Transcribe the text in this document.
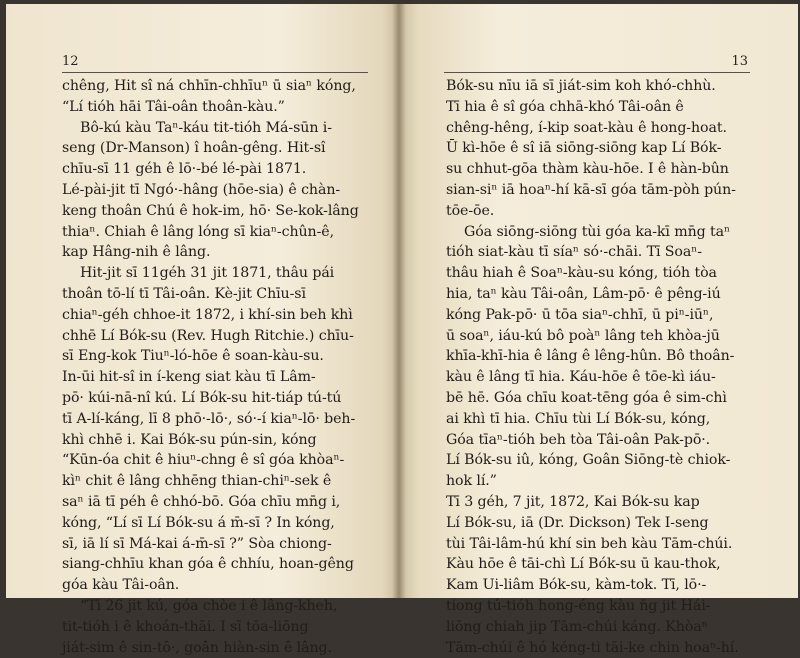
12
chêng, Hit sî ná chhīn-chhīuⁿ ū siaⁿ kóng,
“Lí tióh hāi Tâi-oân thoân-kàu.”
Bô-kú kàu Taⁿ-káu tit-tióh Má-sūn i-
seng (Dr-Manson) î hoân-gêng. Hit-sî
chīu-sī 11 géh ê lō·-bé lé-pài 1871.
Lé-pài-jit tī Ngó·-hâng (hōe-sia) ê chàn-
keng thoân Chú ê hok-im, hō· Se-kok-lâng
thiaⁿ. Chiah ê lâng lóng sī kiaⁿ-chûn-ê,
kap Hâng-nih ê lâng.
Hit-jit sī 11géh 31 jit 1871, thâu pái
thoân tō-lí tī Tâi-oân. Kè-jit Chīu-sī
chiaⁿ-géh chhoe-it 1872, i khí-sin beh khì
chhē Lí Bók-su (Rev. Hugh Ritchie.) chīu-
sī Eng-kok Tiuⁿ-ló-hōe ê soan-kàu-su.
In-ūi hit-sî in í-keng siat kàu tī Lâm-
pō· kúi-nā-nî kú. Lí Bók-su hit-tiáp tú-tú
tī A-lí-káng, lī 8 phō·-lō·, só·-í kiaⁿ-lō· beh-
khì chhē i. Kai Bók-su pún-sin, kóng
“Kūn-óa chit ê hiuⁿ-chng ê sî góa khòaⁿ-
kìⁿ chit ê lâng chhēng thian-chiⁿ-sek ê
saⁿ iā tī péh ê chhó-bō. Góa chīu mn̄g i,
kóng, “Lí sī Lí Bók-su á m̄-sī ? In kóng,
sī, iā lí sī Má-kai á-m̄-sī ?” Sòa chiong-
siang-chhīu khan góa ê chhíu, hoan-gêng
góa kàu Tâi-oân.
“Tī 26 jit kú, góa chòe i ê lâng-kheh,
tit-tióh i ê khoán-thāi. I sī tōa-liōng
jiát-sim ê sin-tô·, goân hiàn-sin ê lâng.
13
Bók-su nīu iā sī jiát-sim koh khó-chhù.
Tī hia ê sî góa chhā-khó Tâi-oân ê
chêng-hêng, í-kip soat-kàu ê hong-hoat.
Ū kì-hōe ê sî iā siōng-siōng kap Lí Bók-
su chhut-gōa thàm kàu-hōe. I ê hàn-bûn
sian-siⁿ iā hoaⁿ-hí kā-sī góa tām-pòh pún-
tōe-ōe.
Góa siōng-siōng tùi góa ka-kī mn̄g taⁿ
tióh siat-kàu tī síaⁿ só·-chāi. Tī Soaⁿ-
thâu hiah ê Soaⁿ-kàu-su kóng, tióh tòa
hia, taⁿ kàu Tâi-oân, Lâm-pō· ê pêng-iú
kóng Pak-pō· ū tōa siaⁿ-chhī, ū piⁿ-iūⁿ,
ū soaⁿ, iáu-kú bô poàⁿ lâng teh khòa-jū
khīa-khī-hia ê lâng ê lêng-hûn. Bô thoân-
kàu ê lâng tī hia. Káu-hōe ê tōe-kì iáu-
bē hē. Góa chīu koat-tēng góa ê sim-chì
ai khì tī hia. Chīu tùi Lí Bók-su, kóng,
Góa tīaⁿ-tióh beh tòa Tâi-oân Pak-pō·.
Lí Bók-su iû, kóng, Goân Siōng-tè chiok-
hok lí.”
Tī 3 géh, 7 jit, 1872, Kai Bók-su kap
Lí Bók-su, iā (Dr. Dickson) Tek I-seng
tùi Tâi-lâm-hú khí sin beh kàu Tām-chúi.
Kàu hōe ê tāi-chì Lí Bók-su ū kau-thok,
Kam Ui-liâm Bók-su, kàm-tok. Tī, lō·-
tiong tú-tióh hong-éng kàu n̄g jit Hái-
liōng chiah jip Tām-chúi káng. Khòaⁿ
Tām-chúi ê hó kéng-tì tāi-ke chin hoaⁿ-hí.
